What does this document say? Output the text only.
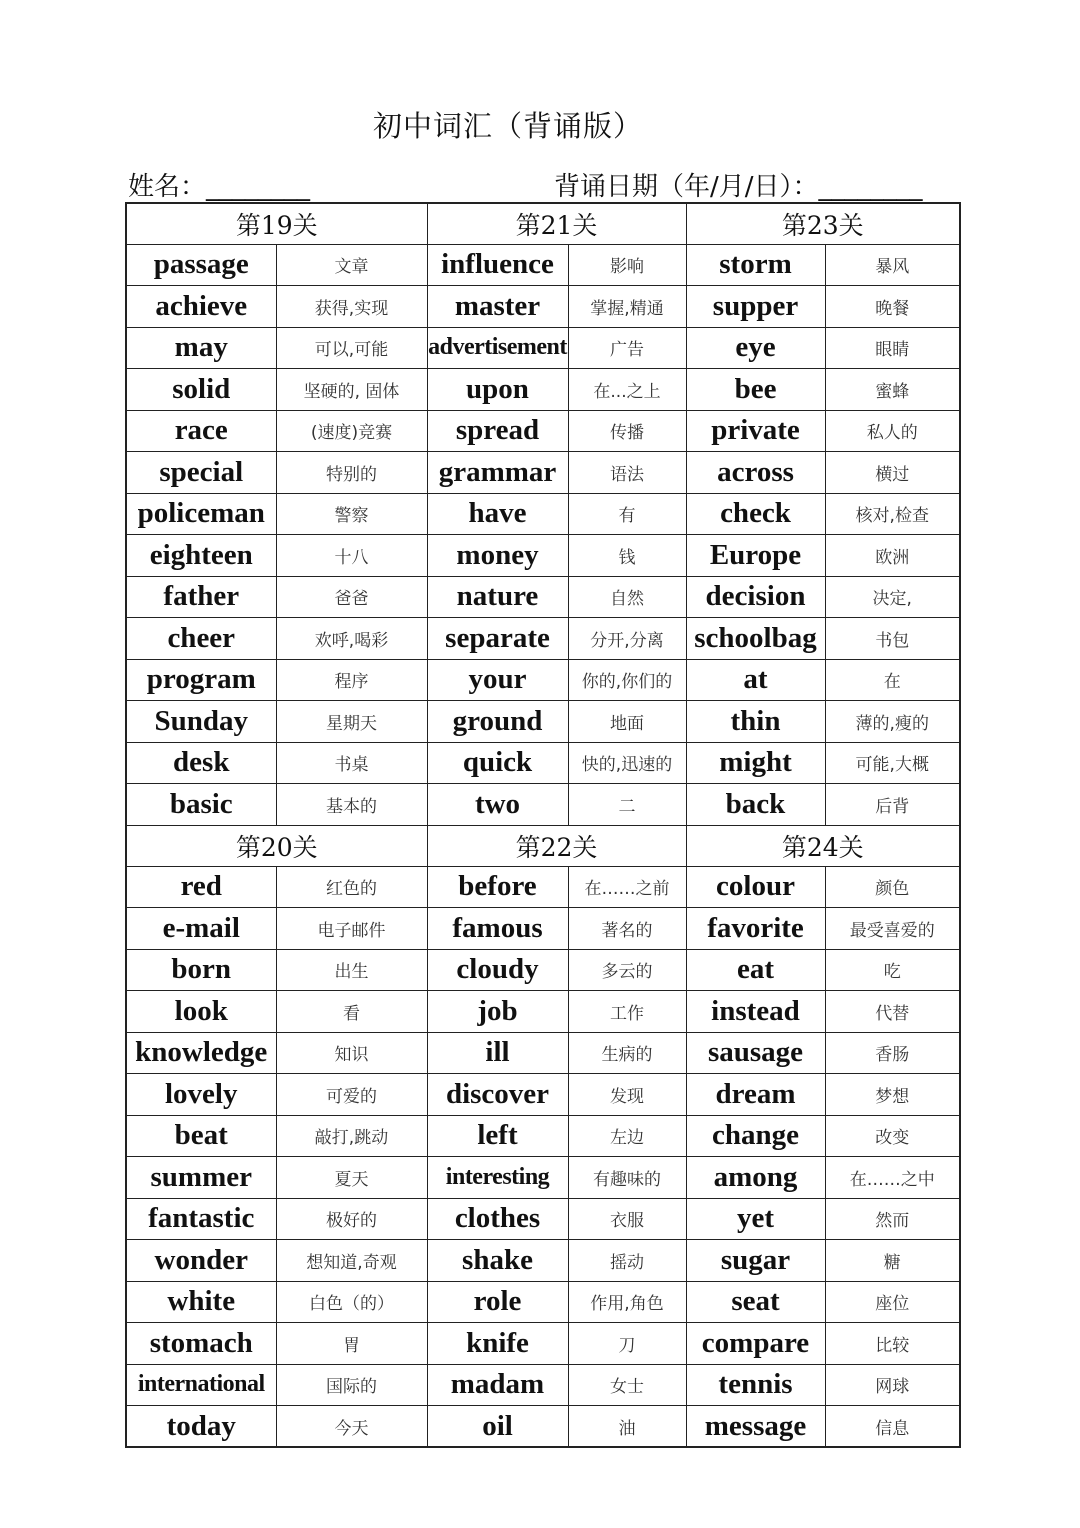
初中词汇（背诵版）
姓名：________	背诵日期（年/月/日）：________
第19关		第21关		第23关	
passage	文章	influence	影响	storm	暴风
achieve	获得,实现	master	掌握,精通	supper	晚餐
may	可以,可能	advertisement	广告	eye	眼睛
solid	坚硬的, 固体	upon	在...之上	bee	蜜蜂
race	(速度)竞赛	spread	传播	private	私人的
special	特别的	grammar	语法	across	横过
policeman	警察	have	有	check	核对,检查
eighteen	十八	money	钱	Europe	欧洲
father	爸爸	nature	自然	decision	决定,
cheer	欢呼,喝彩	separate	分开,分离	schoolbag	书包
program	程序	your	你的,你们的	at	在
Sunday	星期天	ground	地面	thin	薄的,瘦的
desk	书桌	quick	快的,迅速的	might	可能,大概
basic	基本的	two	二	back	后背
第20关		第22关		第24关	
red	红色的	before	在……之前	colour	颜色
e-mail	电子邮件	famous	著名的	favorite	最受喜爱的
born	出生	cloudy	多云的	eat	吃
look	看	job	工作	instead	代替
knowledge	知识	ill	生病的	sausage	香肠
lovely	可爱的	discover	发现	dream	梦想
beat	敲打,跳动	left	左边	change	改变
summer	夏天	interesting	有趣味的	among	在……之中
fantastic	极好的	clothes	衣服	yet	然而
wonder	想知道,奇观	shake	摇动	sugar	糖
white	白色（的）	role	作用,角色	seat	座位
stomach	胃	knife	刀	compare	比较
international	国际的	madam	女士	tennis	网球
today	今天	oil	油	message	信息
